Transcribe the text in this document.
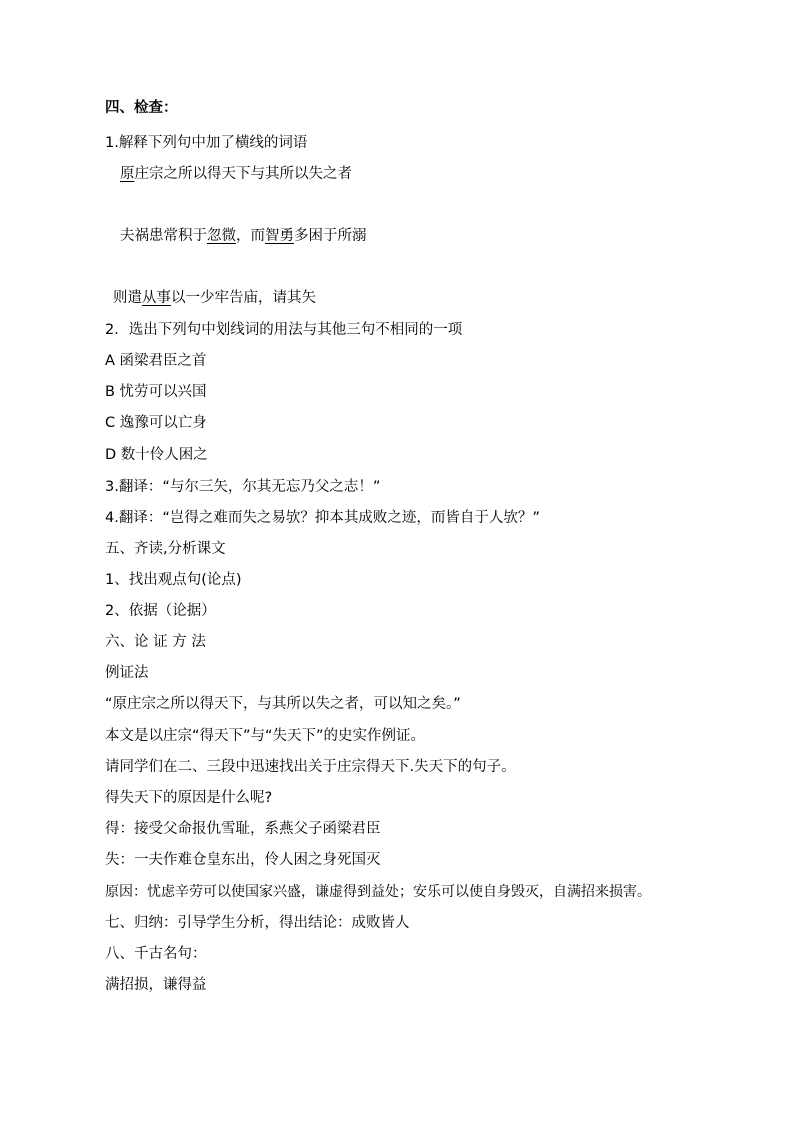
四、检查：
1.解释下列句中加了横线的词语
原庄宗之所以得天下与其所以失之者
夫祸患常积于忽微，而智勇多困于所溺
则遣从事以一少牢告庙，请其矢
2．选出下列句中划线词的用法与其他三句不相同的一项
A 函梁君臣之首
B 忧劳可以兴国
C 逸豫可以亡身
D 数十伶人困之
3.翻译：“与尔三矢，尔其无忘乃父之志！”
4.翻译：“岂得之难而失之易欤？抑本其成败之迹，而皆自于人欤？”
五、齐读,分析课文
1、找出观点句(论点)
2、依据（论据）
六、论 证 方 法
例证法
“原庄宗之所以得天下，与其所以失之者，可以知之矣。”
本文是以庄宗“得天下”与“失天下”的史实作例证。
请同学们在二、三段中迅速找出关于庄宗得天下.失天下的句子。
得失天下的原因是什么呢?
得：接受父命报仇雪耻，系燕父子函梁君臣
失：一夫作难仓皇东出，伶人困之身死国灭
原因：忧虑辛劳可以使国家兴盛，谦虚得到益处；安乐可以使自身毁灭，自满招来损害。
七、归纳：引导学生分析，得出结论：成败皆人
八、千古名句：
满招损，谦得益
